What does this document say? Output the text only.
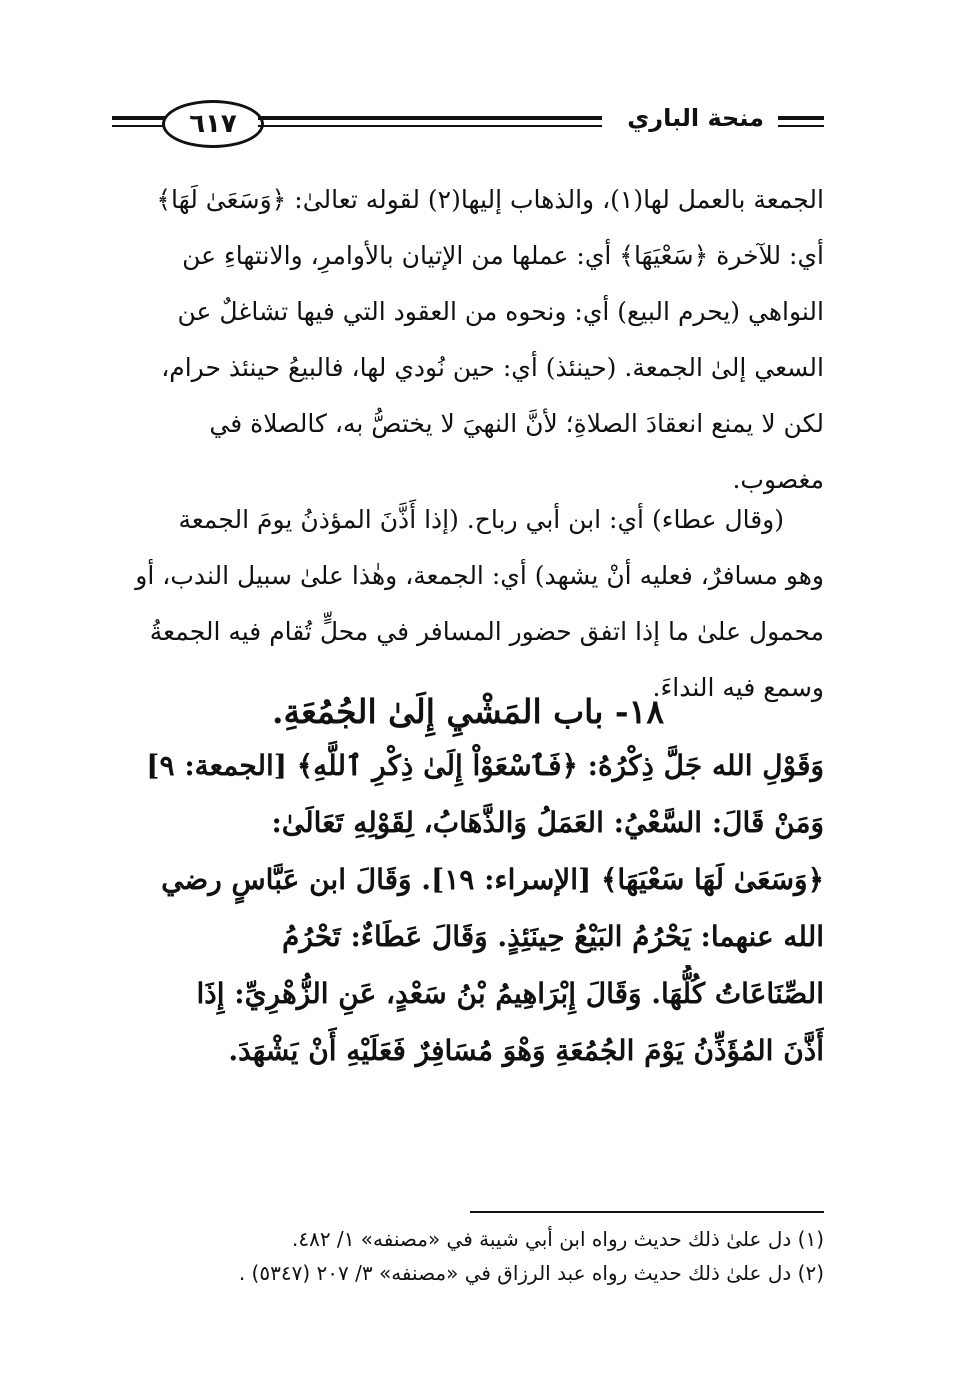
٦١٧	منحة الباري
الجمعة بالعمل لها(١)، والذهاب إليها(٢) لقوله تعالىٰ: ﴿وَسَعَىٰ لَهَا﴾
أي: للآخرة ﴿سَعْيَهَا﴾ أي: عملها من الإتيان بالأوامرِ، والانتهاءِ عن
النواهي (يحرم البيع) أي: ونحوه من العقود التي فيها تشاغلٌ عن
السعي إلىٰ الجمعة. (حينئذ) أي: حين نُودي لها، فالبيعُ حينئذ حرام،
لكن لا يمنع انعقادَ الصلاةِ؛ لأنَّ النهيَ لا يختصُّ به، كالصلاة في
مغصوب.
(وقال عطاء) أي: ابن أبي رباح. (إذا أَذَّنَ المؤذنُ يومَ الجمعة
وهو مسافرٌ، فعليه أنْ يشهد) أي: الجمعة، وهٰذا علىٰ سبيل الندب، أو
محمول علىٰ ما إذا اتفق حضور المسافر في محلٍّ تُقام فيه الجمعةُ
وسمع فيه النداءَ.
١٨- باب المَشْيِ إِلَىٰ الجُمُعَةِ.
وَقَوْلِ الله جَلَّ ذِكْرُهُ: ﴿فَٱسْعَوْاْ إِلَىٰ ذِكْرِ ٱللَّهِ﴾ [الجمعة: ٩]
وَمَنْ قَالَ: السَّعْيُ: العَمَلُ وَالذَّهَابُ، لِقَوْلِهِ تَعَالَىٰ:
﴿وَسَعَىٰ لَهَا سَعْيَهَا﴾ [الإسراء: ١٩]. وَقَالَ ابن عَبَّاسٍ رضي
الله عنهما: يَحْرُمُ البَيْعُ حِينَئِذٍ. وَقَالَ عَطَاءٌ: تَحْرُمُ
الصِّنَاعَاتُ كُلُّهَا. وَقَالَ إِبْرَاهِيمُ بْنُ سَعْدٍ، عَنِ الزُّهْرِيِّ: إِذَا
أَذَّنَ المُؤَذِّنُ يَوْمَ الجُمُعَةِ وَهْوَ مُسَافِرٌ فَعَلَيْهِ أَنْ يَشْهَدَ.
(١) دل علىٰ ذلك حديث رواه ابن أبي شيبة في «مصنفه» ١/ ٤٨٢.
(٢) دل علىٰ ذلك حديث رواه عبد الرزاق في «مصنفه» ٣/ ٢٠٧ (٥٣٤٧) .
